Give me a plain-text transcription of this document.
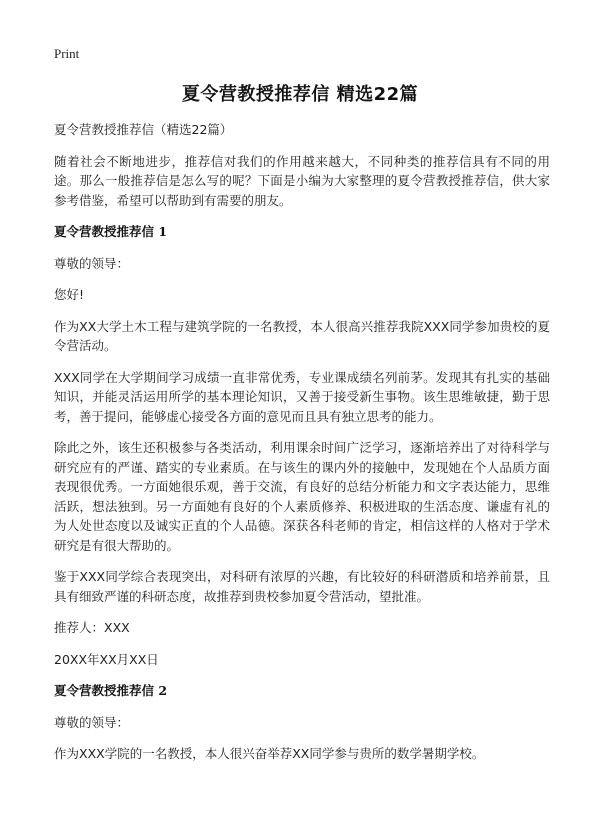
Print
夏令营教授推荐信 精选22篇

夏令营教授推荐信（精选22篇）

随着社会不断地进步，推荐信对我们的作用越来越大，不同种类的推荐信具有不同的用途。那么一般推荐信是怎么写的呢？下面是小编为大家整理的夏令营教授推荐信，供大家参考借鉴，希望可以帮助到有需要的朋友。

夏令营教授推荐信 1

尊敬的领导：

您好!

作为XX大学土木工程与建筑学院的一名教授，本人很高兴推荐我院XXX同学参加贵校的夏令营活动。

XXX同学在大学期间学习成绩一直非常优秀，专业课成绩名列前茅。发现其有扎实的基础知识，并能灵活运用所学的基本理论知识，又善于接受新生事物。该生思维敏捷，勤于思考，善于提问，能够虚心接受各方面的意见而且具有独立思考的能力。

除此之外，该生还积极参与各类活动，利用课余时间广泛学习，逐渐培养出了对待科学与研究应有的严谨、踏实的专业素质。在与该生的课内外的接触中，发现她在个人品质方面表现很优秀。一方面她很乐观，善于交流，有良好的总结分析能力和文字表达能力，思维活跃，想法独到。另一方面她有良好的个人素质修养、积极进取的生活态度、谦虚有礼的为人处世态度以及诚实正直的个人品德。深获各科老师的肯定，相信这样的人格对于学术研究是有很大帮助的。

鉴于XXX同学综合表现突出，对科研有浓厚的兴趣，有比较好的科研潜质和培养前景，且具有细致严谨的科研态度，故推荐到贵校参加夏令营活动，望批准。

推荐人：XXX

20XX年XX月XX日

夏令营教授推荐信 2

尊敬的领导：

作为XXX学院的一名教授，本人很兴奋举荐XX同学参与贵所的数学暑期学校。
